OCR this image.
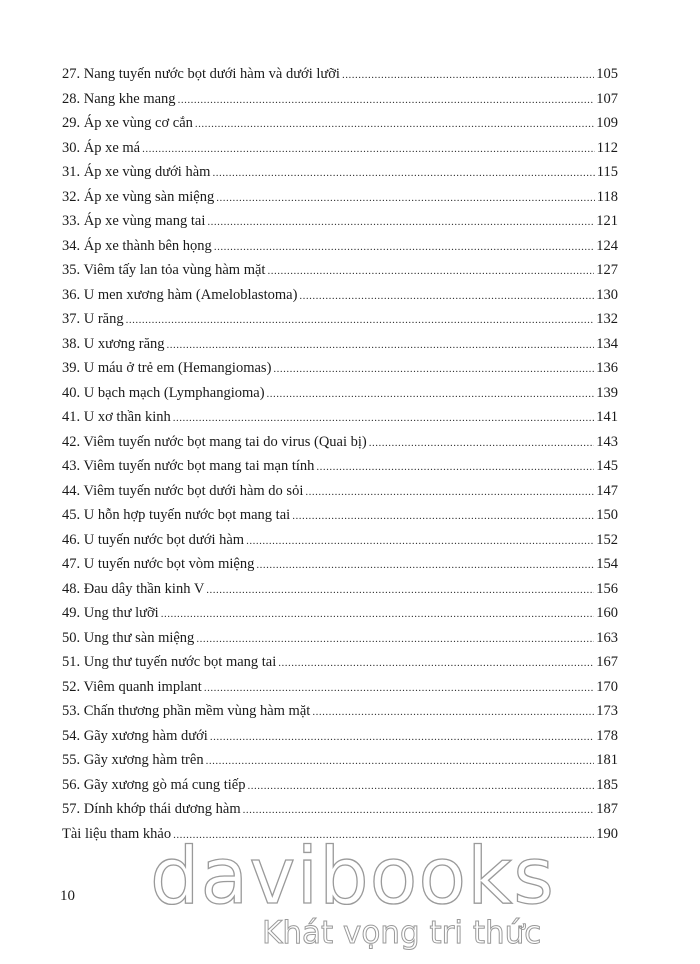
27. Nang tuyến nước bọt dưới hàm và dưới lưỡi .....	105
28. Nang khe mang .....	107
29. Áp xe vùng cơ cắn .....	109
30. Áp xe má .....	112
31. Áp xe vùng dưới hàm .....	115
32. Áp xe vùng sàn miệng .....	118
33. Áp xe vùng mang tai .....	121
34. Áp xe thành bên họng .....	124
35. Viêm tấy lan tỏa vùng hàm mặt .....	127
36. U men xương hàm (Ameloblastoma) .....	130
37. U răng .....	132
38. U xương răng .....	134
39. U máu ở trẻ em (Hemangiomas) .....	136
40. U bạch mạch (Lymphangioma) .....	139
41. U xơ thần kinh .....	141
42. Viêm tuyến nước bọt mang tai do virus (Quai bị) .....	143
43. Viêm tuyến nước bọt mang tai mạn tính .....	145
44. Viêm tuyến nước bọt dưới hàm do sỏi .....	147
45. U hỗn hợp tuyến nước bọt mang tai .....	150
46. U tuyến nước bọt dưới hàm .....	152
47. U tuyến nước bọt vòm miệng .....	154
48. Đau dây thần kinh V .....	156
49. Ung thư lưỡi .....	160
50. Ung thư sàn miệng .....	163
51. Ung thư tuyến nước bọt mang tai .....	167
52. Viêm quanh implant .....	170
53. Chấn thương phần mềm vùng hàm mặt .....	173
54. Gãy xương hàm dưới .....	178
55. Gãy xương hàm trên .....	181
56. Gãy xương gò má cung tiếp .....	185
57. Dính khớp thái dương hàm .....	187
Tài liệu tham khảo .....	190
10 davibooks
Khát vọng tri thức
